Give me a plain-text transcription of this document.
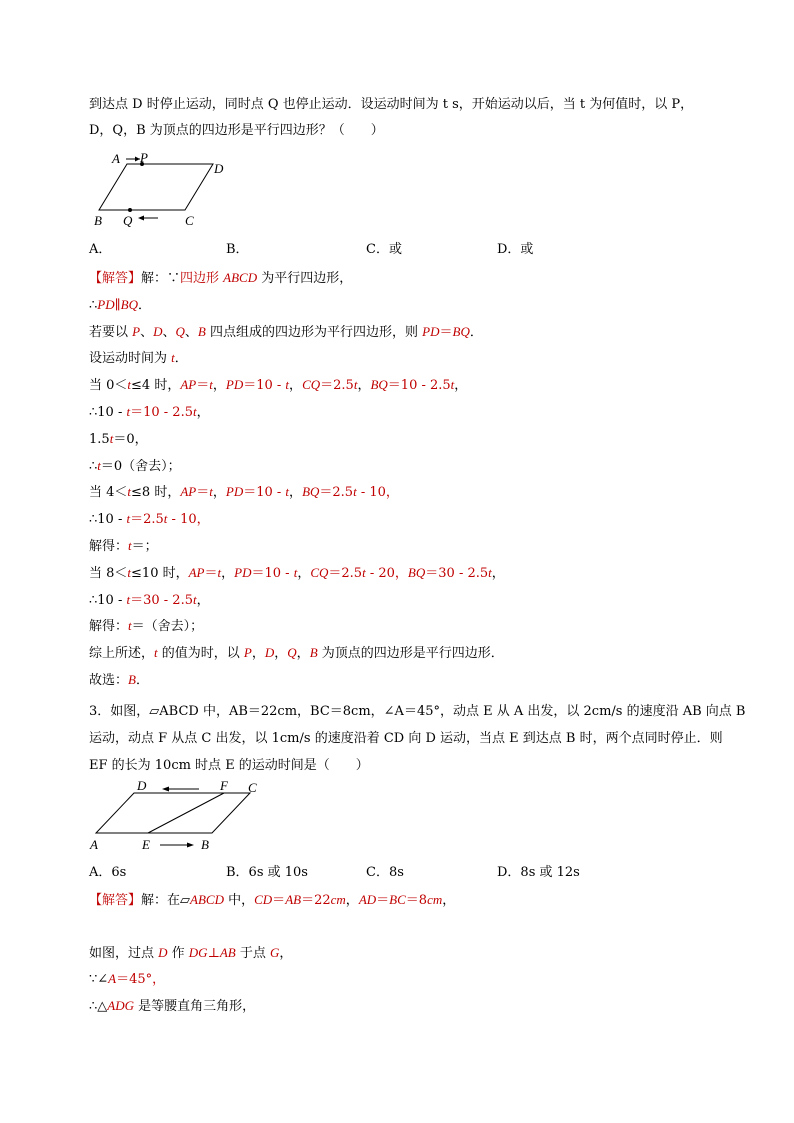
到达点 D 时停止运动，同时点 Q 也停止运动．设运动时间为 t s，开始运动以后，当 t 为何值时，以 P，
D，Q，B 为顶点的四边形是平行四边形？（　　）
A P
D
B Q	C
A．	B．	C．或	D．或
3．如图，▱ABCD 中，AB＝22cm，BC＝8cm，∠A＝45°，动点 E 从 A 出发，以 2cm/s 的速度沿 AB 向点 B
运动，动点 F 从点 C 出发，以 1cm/s 的速度沿着 CD 向 D 运动，当点 E 到达点 B 时，两个点同时停止．则
EF 的长为 10cm 时点 E 的运动时间是（　　）
D	F C
A	E	B
A．6s	B．6s 或 10s	C．8s	D．8s 或 12s
【解答】解：∵四边形 ABCD 为平行四边形，
∴PD∥BQ．
若要以 P、D、Q、B 四点组成的四边形为平行四边形，则 PD＝BQ．
设运动时间为 t．
当 0＜t≤4 时，AP＝t，PD＝10 - t，CQ＝2.5t，BQ＝10 - 2.5t，
∴10 - t＝10 - 2.5t，
1.5t＝0，
∴t＝0（舍去）；
当 4＜t≤8 时，AP＝t，PD＝10 - t，BQ＝2.5t - 10，
∴10 - t＝2.5t - 10，
解得：t＝；
当 8＜t≤10 时，AP＝t，PD＝10 - t，CQ＝2.5t - 20，BQ＝30 - 2.5t，
∴10 - t＝30 - 2.5t，
解得：t＝（舍去）；
综上所述，t 的值为时，以 P，D，Q，B 为顶点的四边形是平行四边形．
故选：B．
【解答】解：在▱ABCD 中，CD＝AB＝22cm，AD＝BC＝8cm，
如图，过点 D 作 DG⊥AB 于点 G，
∵∠A＝45°，
∴△ADG 是等腰直角三角形，
